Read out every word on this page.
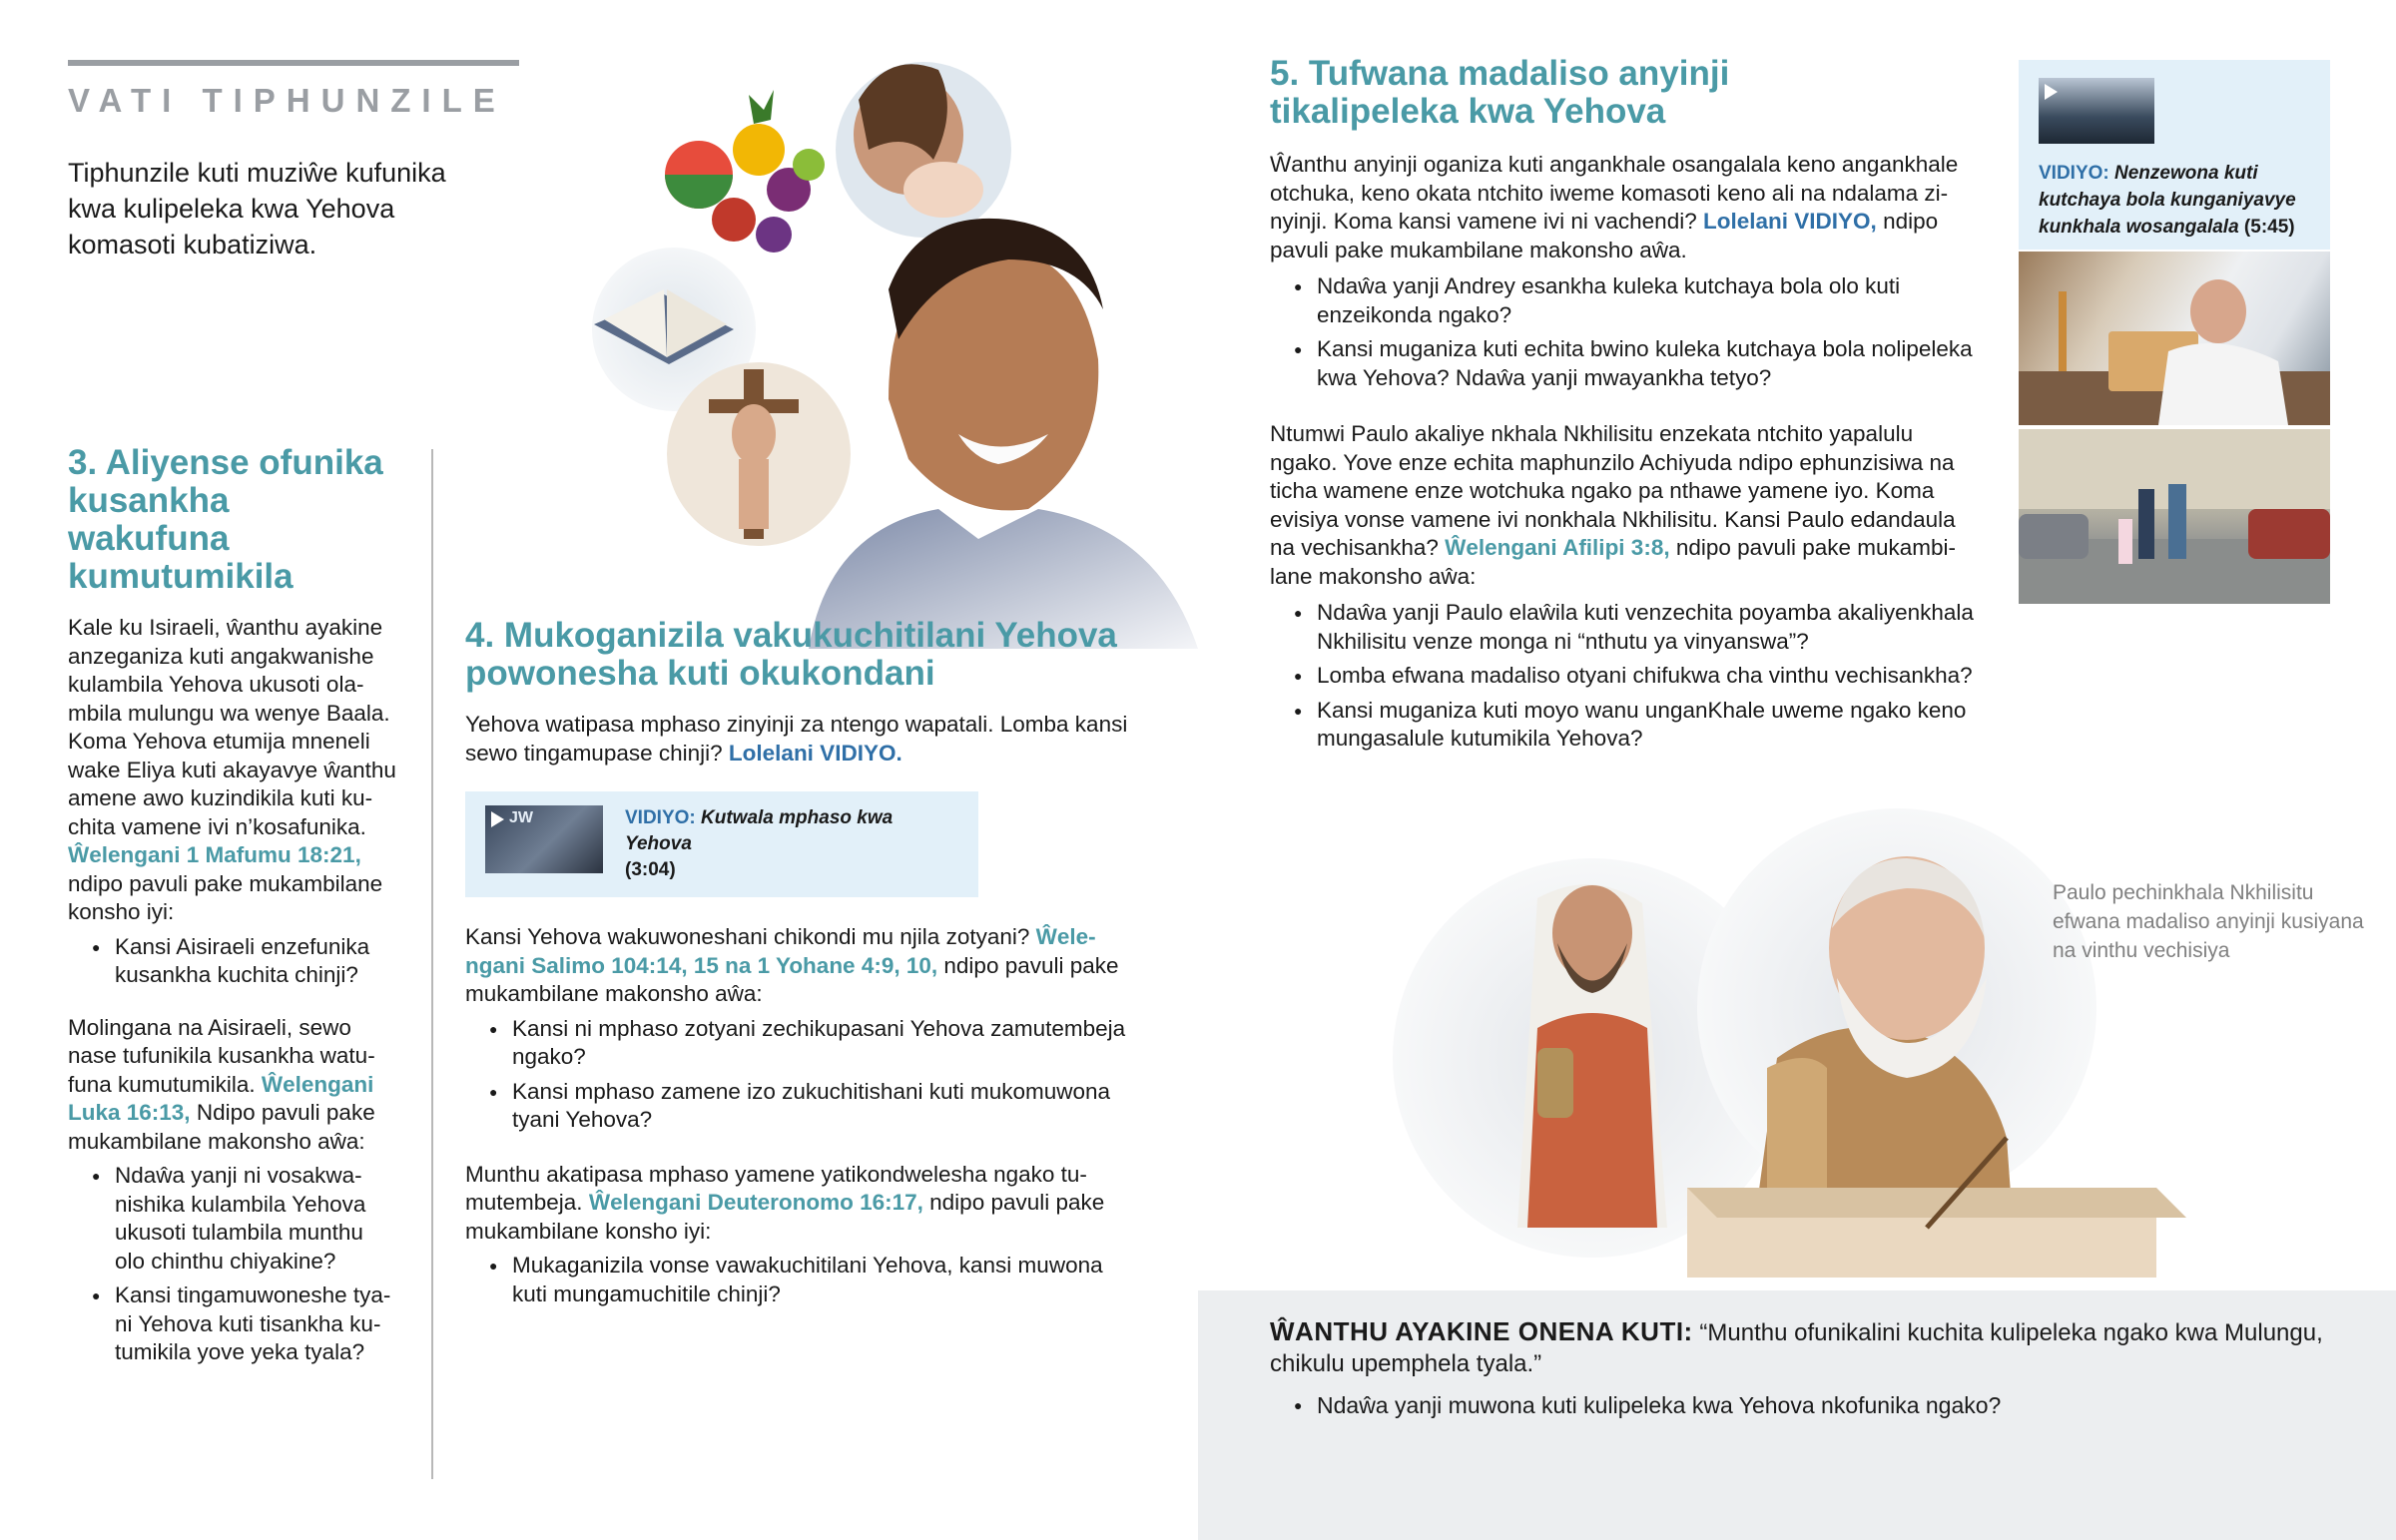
VATI TIPHUNZILE
Tiphunzile kuti muziŵe kufunika kwa kulipeleka kwa Yehova komasoti kubatiziwa.
3. Aliyense ofunika kusankha wakufuna kumutumikila
Kale ku Isiraeli, ŵanthu ayakine anzeganiza kuti angakwanishe kulambila Yehova ukusoti olambila mulungu wa wenye Baala. Koma Yehova etumija mneneli wake Eliya kuti akayavye ŵanthu amene awo kuzindikila kuti kuchita vamene ivi n’kosafunika. Ŵelengani 1 Mafumu 18:21, ndipo pavuli pake mukambilane konsho iyi:
● Kansi Aisiraeli enzefunika kusankha kuchita chinji?
Molingana na Aisiraeli, sewo nase tufunikila kusankha watufuna kumutumikila. Ŵelengani Luka 16:13, Ndipo pavuli pake mukambilane makonsho aŵa:
● Ndaŵa yanji ni vosakwanishika kulambila Yehova ukusoti tulambila munthu olo chinthu chiyakine?
● Kansi tingamuwoneshe tyani Yehova kuti tisankha kutumikila yove yeka tyala?
4. Mukoganizila vakukuchitilani Yehova powonesha kuti okukondani
Yehova watipasa mphaso zinyinji za ntengo wapatali. Lomba kansi sewo tingamupase chinji? Lolelani VIDIYO.
JW	VIDIYO: Kutwala mphaso kwa Yehova
(3:04)
Kansi Yehova wakuwoneshani chikondi mu njila zotyani? Ŵelengani Salimo 104:14, 15 na 1 Yohane 4:9, 10, ndipo pavuli pake mukambilane makonsho aŵa:
● Kansi ni mphaso zotyani zechikupasani Yehova zamutembeja ngako?
● Kansi mphaso zamene izo zukuchitishani kuti mukomuwona tyani Yehova?
Munthu akatipasa mphaso yamene yatikondwelesha ngako tumutembeja. Ŵelengani Deuteronomo 16:17, ndipo pavuli pake mukambilane konsho iyi:
● Mukaganizila vonse vawakuchitilani Yehova, kansi muwona kuti mungamuchitile chinji?
5. Tufwana madaliso anyinji tikalipeleka kwa Yehova
Ŵanthu anyinji oganiza kuti angankhale osangalala keno angankhale otchuka, keno okata ntchito iweme komasoti keno ali na ndalama zinyinji. Koma kansi vamene ivi ni vachendi? Lolelani VIDIYO, ndipo pavuli pake mukambilane makonsho aŵa.
● Ndaŵa yanji Andrey esankha kuleka kutchaya bola olo kuti enzeikonda ngako?
● Kansi muganiza kuti echita bwino kuleka kutchaya bola nolipeleka kwa Yehova? Ndaŵa yanji mwayankha tetyo?
Ntumwi Paulo akaliye nkhala Nkhilisitu enzekata ntchito yapalulu ngako. Yove enze echita maphunzilo Achiyuda ndipo ephunzisiwa na ticha wamene enze wotchuka ngako pa nthawe yamene iyo. Koma evisiya vonse vamene ivi nonkhala Nkhilisitu. Kansi Paulo edandaula na vechisankha? Ŵelengani Afilipi 3:8, ndipo pavuli pake mukambilane makonsho aŵa:
● Ndaŵa yanji Paulo elaŵila kuti venzechita poyamba akaliyenkhala Nkhilisitu venze monga ni “nthutu ya vinyanswa”?
● Lomba efwana madaliso otyani chifukwa cha vinthu vechisankha?
● Kansi muganiza kuti moyo wanu unganKhale uweme ngako keno mungasalule kutumikila Yehova?
VIDIYO: Nenzewona kuti kutchaya bola kunganiyavye kunkhala wosangalala (5:45)
Paulo pechinkhala Nkhilisitu efwana madaliso anyinji kusiyana na vinthu vechisiya
ŴANTHU AYAKINE ONENA KUTI: “Munthu ofunikalini kuchita kulipeleka ngako kwa Mulungu, chikulu upemphela tyala.”
● Ndaŵa yanji muwona kuti kulipeleka kwa Yehova nkofunika ngako?
